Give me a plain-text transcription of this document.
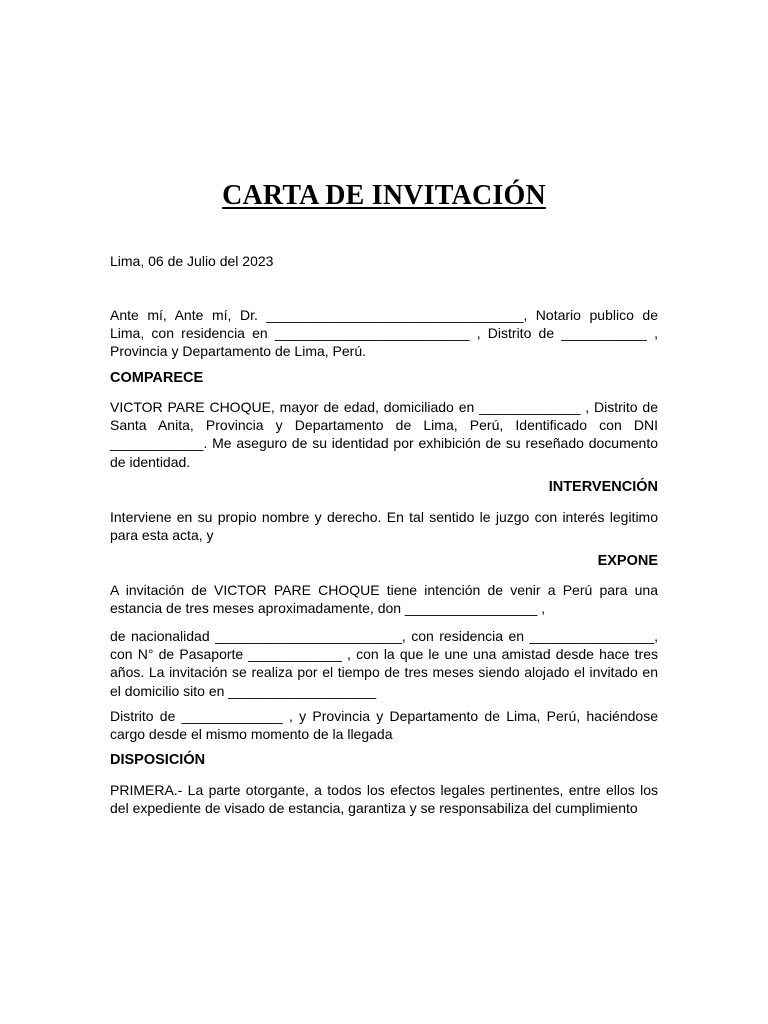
CARTA DE INVITACIÓN
Lima, 06 de Julio del 2023
Ante mí, Ante mí, Dr. _________________________________, Notario publico de Lima, con residencia en _________________________ , Distrito de ___________ , Provincia y Departamento de Lima, Perú.
COMPARECE
VICTOR PARE CHOQUE, mayor de edad, domiciliado en _____________ , Distrito de Santa Anita, Provincia y Departamento de Lima, Perú, Identificado con DNI ____________. Me aseguro de su identidad por exhibición de su reseñado documento de identidad.
INTERVENCIÓN
Interviene en su propio nombre y derecho. En tal sentido le juzgo con interés legitimo para esta acta, y
EXPONE
A invitación de VICTOR PARE CHOQUE tiene intención de venir a Perú para una estancia de tres meses aproximadamente, don _________________ ,
de nacionalidad ________________________, con residencia en ________________, con N° de Pasaporte ____________ , con la que le une una amistad desde hace tres años. La invitación se realiza por el tiempo de tres meses siendo alojado el invitado en el domicilio sito en ___________________
Distrito de _____________ , y Provincia y Departamento de Lima, Perú, haciéndose cargo desde el mismo momento de la llegada
DISPOSICIÓN
PRIMERA.- La parte otorgante, a todos los efectos legales pertinentes, entre ellos los del expediente de visado de estancia, garantiza y se responsabiliza del cumplimiento
